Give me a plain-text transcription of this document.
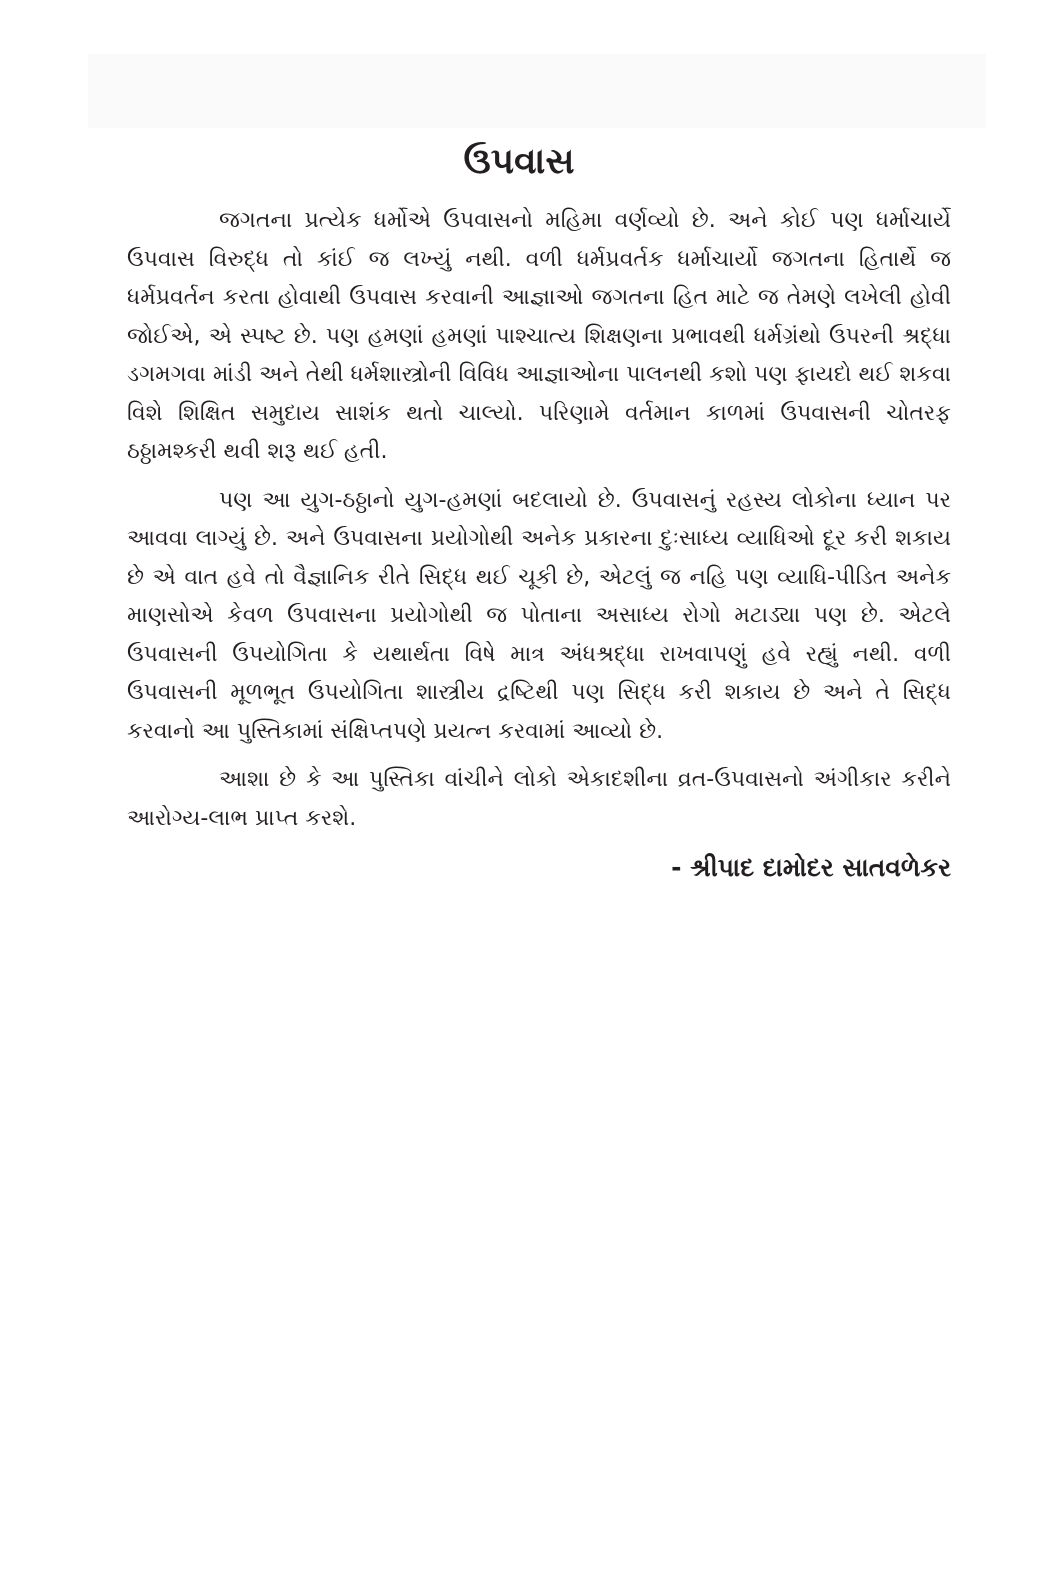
ઉપવાસ

જગતના પ્રત્યેક ધર્મોએ ઉપવાસનો મહિમા વર્ણવ્યો છે. અને કોઈ પણ ધર્માચાર્યે ઉપવાસ વિરુદ્ધ તો કાંઈ જ લખ્યું નથી. વળી ધર્મપ્રવર્તક ધર્માચાર્યો જગતના હિતાર્થે જ ધર્મપ્રવર્તન કરતા હોવાથી ઉપવાસ કરવાની આજ્ઞાઓ જગતના હિત માટે જ તેમણે લખેલી હોવી જોઈએ, એ સ્પષ્ટ છે. પણ હમણાં હમણાં પાશ્ચાત્ય શિક્ષણના પ્રભાવથી ધર્મગ્રંથો ઉપરની શ્રદ્ધા ડગમગવા માંડી અને તેથી ધર્મશાસ્ત્રોની વિવિધ આજ્ઞાઓના પાલનથી કશો પણ ફાયદો થઈ શકવા વિશે શિક્ષિત સમુદાય સાશંક થતો ચાલ્યો. પરિણામે વર્તમાન કાળમાં ઉપવાસની ચોતરફ ઠઠ્ઠામશ્કરી થવી શરૂ થઈ હતી.

પણ આ યુગ-ઠઠ્ઠાનો યુગ-હમણાં બદલાયો છે. ઉપવાસનું રહસ્ય લોકોના ધ્યાન પર આવવા લાગ્યું છે. અને ઉપવાસના પ્રયોગોથી અનેક પ્રકારના દુઃસાધ્ય વ્યાધિઓ દૂર કરી શકાય છે એ વાત હવે તો વૈજ્ઞાનિક રીતે સિદ્ધ થઈ ચૂકી છે, એટલું જ નહિ પણ વ્યાધિ-પીડિત અનેક માણસોએ કેવળ ઉપવાસના પ્રયોગોથી જ પોતાના અસાધ્ય રોગો મટાડ્યા પણ છે. એટલે ઉપવાસની ઉપયોગિતા કે યથાર્થતા વિષે માત્ર અંધશ્રદ્ધા રાખવાપણું હવે રહ્યું નથી. વળી ઉપવાસની મૂળભૂત ઉપયોગિતા શાસ્ત્રીય દ્રષ્ટિથી પણ સિદ્ધ કરી શકાય છે અને તે સિદ્ધ કરવાનો આ પુસ્તિકામાં સંક્ષિપ્તપણે પ્રયત્ન કરવામાં આવ્યો છે.

આશા છે કે આ પુસ્તિકા વાંચીને લોકો એકાદશીના વ્રત-ઉપવાસનો અંગીકાર કરીને આરોગ્ય-લાભ પ્રાપ્ત કરશે.

- શ્રીપાદ દામોદર સાતવળેકર
